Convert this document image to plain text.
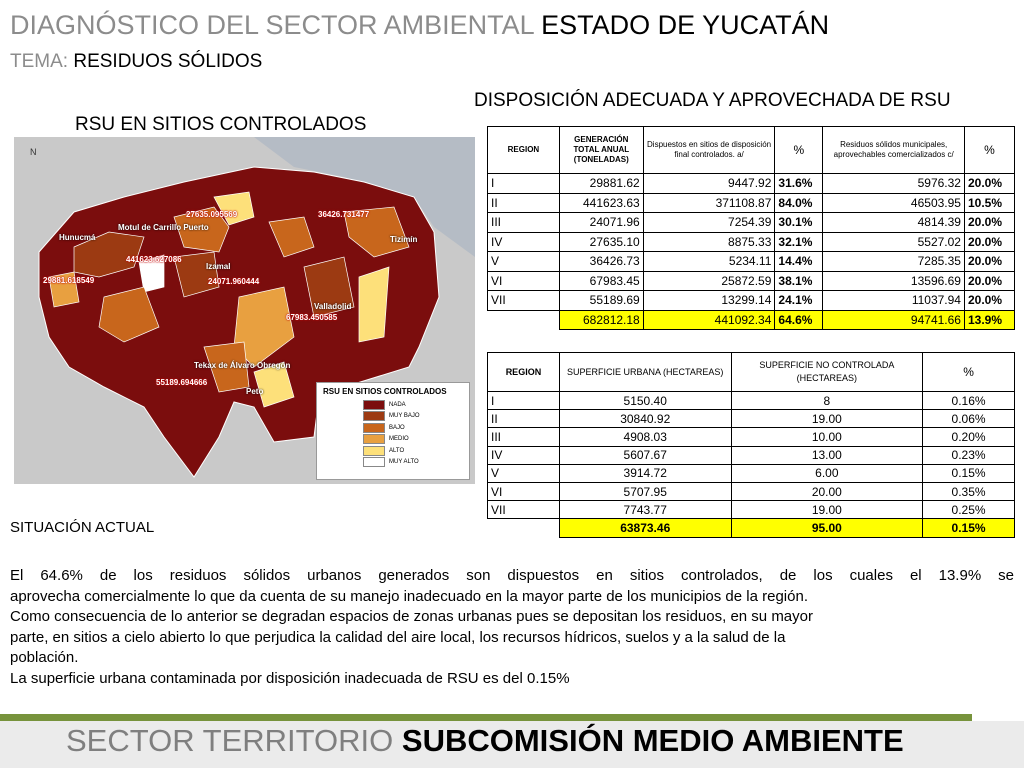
DIAGNÓSTICO DEL SECTOR AMBIENTAL ESTADO DE YUCATÁN
TEMA: RESIDUOS SÓLIDOS
RSU EN SITIOS CONTROLADOS
DISPOSICIÓN ADECUADA Y APROVECHADA DE RSU
N
Hunucmá
Motul de Carrillo Puerto
Izamal
Tizimín
Valladolid
Tekax de Álvaro Obregón
Peto
27635.095569	36426.731477
441623.627086
29881.618549	24071.960444
67983.450585
55189.694666
RSU EN SITIOS CONTROLADOS
NADA
MUY BAJO
BAJO
MEDIO
ALTO
MUY ALTO
REGION	GENERACIÓN TOTAL ANUAL (TONELADAS)	Dispuestos en sitios de disposición final controlados. a/	%	Residuos sólidos municipales, aprovechables comercializados c/	%
I	29881.62	9447.92	31.6%	5976.32	20.0%
II	441623.63	371108.87	84.0%	46503.95	10.5%
III	24071.96	7254.39	30.1%	4814.39	20.0%
IV	27635.10	8875.33	32.1%	5527.02	20.0%
V	36426.73	5234.11	14.4%	7285.35	20.0%
VI	67983.45	25872.59	38.1%	13596.69	20.0%
VII	55189.69	13299.14	24.1%	11037.94	20.0%
	682812.18	441092.34	64.6%	94741.66	13.9%
REGION	SUPERFICIE URBANA (HECTAREAS)	SUPERFICIE NO CONTROLADA (HECTAREAS)	%
I	5150.40	8	0.16%
II	30840.92	19.00	0.06%
III	4908.03	10.00	0.20%
IV	5607.67	13.00	0.23%
V	3914.72	6.00	0.15%
VI	5707.95	20.00	0.35%
VII	7743.77	19.00	0.25%
	63873.46	95.00	0.15%
SITUACIÓN ACTUAL

El 64.6% de los residuos sólidos urbanos generados son dispuestos en sitios controlados, de los cuales el 13.9% se

aprovecha comercialmente lo que da cuenta de su manejo inadecuado en la mayor parte de los municipios de la región.

Como consecuencia de lo anterior se degradan espacios de zonas urbanas pues se depositan los residuos, en su mayor

parte, en sitios a cielo abierto lo que perjudica la calidad del aire local, los recursos hídricos, suelos y a la salud de la

población.

La superficie urbana contaminada por disposición inadecuada de RSU es del 0.15%

SECTOR TERRITORIO SUBCOMISIÓN MEDIO AMBIENTE
